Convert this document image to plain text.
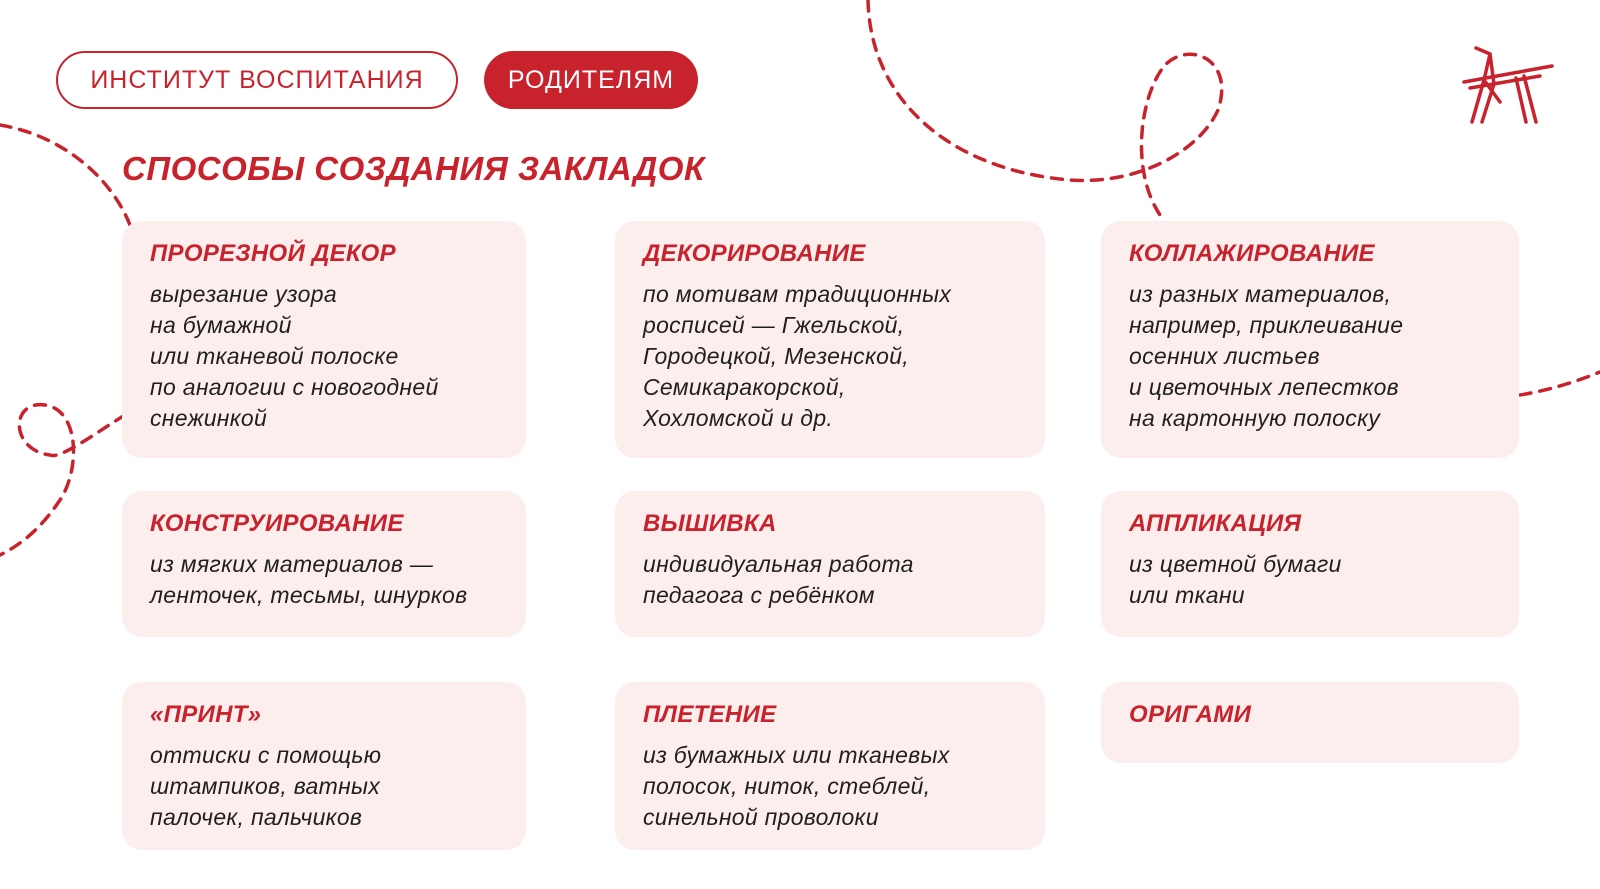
ИНСТИТУТ ВОСПИТАНИЯ	РОДИТЕЛЯМ
СПОСОБЫ СОЗДАНИЯ ЗАКЛАДОК
ПРОРЕЗНОЙ ДЕКОР
вырезание узора
на бумажной
или тканевой полоске
по аналогии с новогодней
снежинкой
ДЕКОРИРОВАНИЕ
по мотивам традиционных
росписей — Гжельской,
Городецкой, Мезенской,
Семикаракорской,
Хохломской и др.
КОЛЛАЖИРОВАНИЕ
из разных материалов,
например, приклеивание
осенних листьев
и цветочных лепестков
на картонную полоску
КОНСТРУИРОВАНИЕ
из мягких материалов —
ленточек, тесьмы, шнурков
ВЫШИВКА
индивидуальная работа
педагога с ребёнком
АППЛИКАЦИЯ
из цветной бумаги
или ткани
«ПРИНТ»
оттиски с помощью
штампиков, ватных
палочек, пальчиков
ПЛЕТЕНИЕ
из бумажных или тканевых
полосок, ниток, стеблей,
синельной проволоки
ОРИГАМИ
